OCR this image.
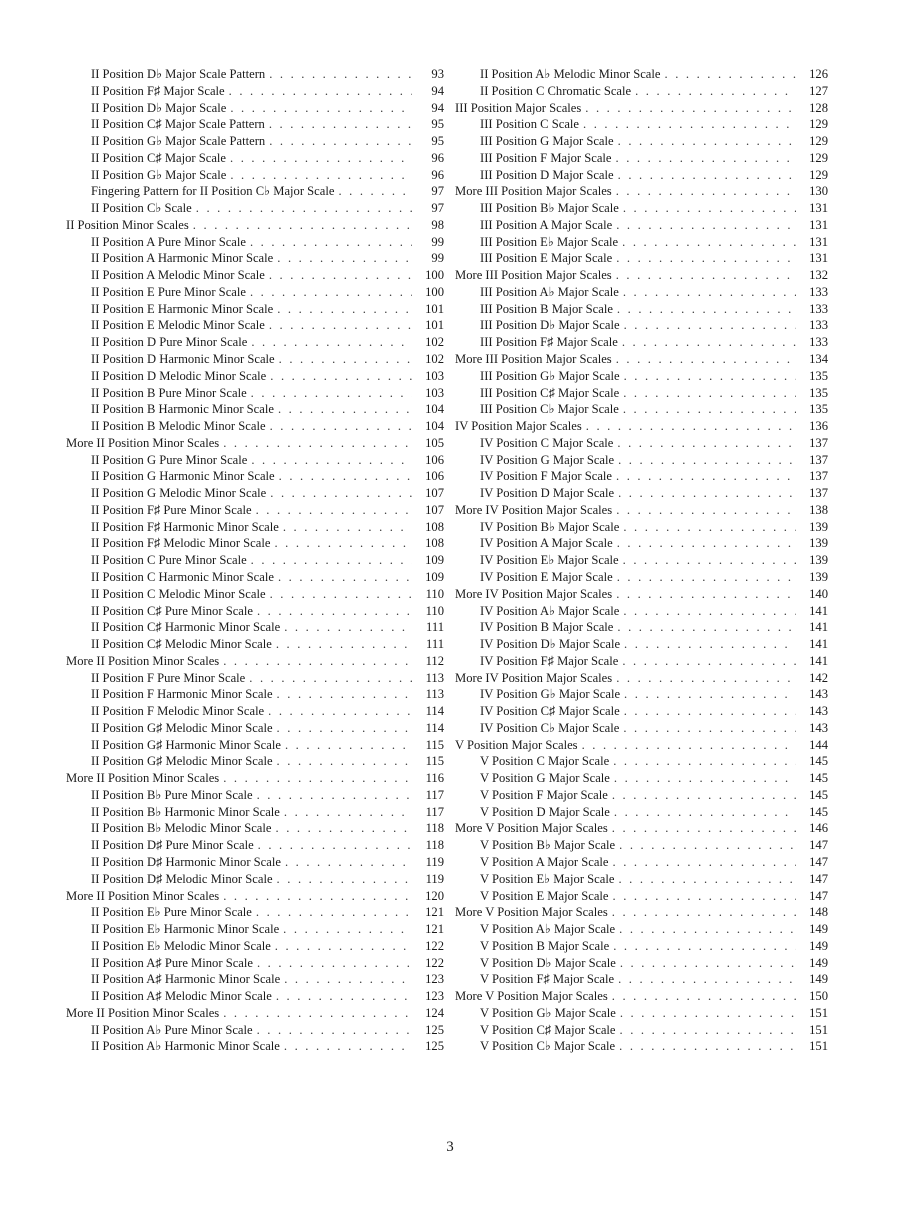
II Position D♭ Major Scale Pattern . . .	93
II Position F♯ Major Scale . . .	94
II Position D♭ Major Scale . . .	94
II Position C♯ Major Scale Pattern . . .	95
II Position G♭ Major Scale Pattern . . .	95
II Position C♯ Major Scale . . .	96
II Position G♭ Major Scale . . .	96
Fingering Pattern for II Position C♭ Major Scale . . .	97
II Position C♭ Scale . . .	97
II Position Minor Scales . . .	98
II Position A Pure Minor Scale . . .	99
II Position A Harmonic Minor Scale . . .	99
II Position A Melodic Minor Scale . . .	100
II Position E Pure Minor Scale . . .	100
II Position E Harmonic Minor Scale . . .	101
II Position E Melodic Minor Scale . . .	101
II Position D Pure Minor Scale . . .	102
II Position D Harmonic Minor Scale . . .	102
II Position D Melodic Minor Scale . . .	103
II Position B Pure Minor Scale . . .	103
II Position B Harmonic Minor Scale . . .	104
II Position B Melodic Minor Scale . . .	104
More II Position Minor Scales . . .	105
II Position G Pure Minor Scale . . .	106
II Position G Harmonic Minor Scale . . .	106
II Position G Melodic Minor Scale . . .	107
II Position F♯ Pure Minor Scale . . .	107
II Position F♯ Harmonic Minor Scale . . .	108
II Position F♯ Melodic Minor Scale . . .	108
II Position C Pure Minor Scale . . .	109
II Position C Harmonic Minor Scale . . .	109
II Position C Melodic Minor Scale . . .	110
II Position C♯ Pure Minor Scale . . .	110
II Position C♯ Harmonic Minor Scale . . .	111
II Position C♯ Melodic Minor Scale . . .	111
More II Position Minor Scales . . .	112
II Position F Pure Minor Scale . . .	113
II Position F Harmonic Minor Scale . . .	113
II Position F Melodic Minor Scale . . .	114
II Position G♯ Melodic Minor Scale . . .	114
II Position G♯ Harmonic Minor Scale . . .	115
II Position G♯ Melodic Minor Scale . . .	115
More II Position Minor Scales . . .	116
II Position B♭ Pure Minor Scale . . .	117
II Position B♭ Harmonic Minor Scale . . .	117
II Position B♭ Melodic Minor Scale . . .	118
II Position D♯ Pure Minor Scale . . .	118
II Position D♯ Harmonic Minor Scale . . .	119
II Position D♯ Melodic Minor Scale . . .	119
More II Position Minor Scales . . .	120
II Position E♭ Pure Minor Scale . . .	121
II Position E♭ Harmonic Minor Scale . . .	121
II Position E♭ Melodic Minor Scale . . .	122
II Position A♯ Pure Minor Scale . . .	122
II Position A♯ Harmonic Minor Scale . . .	123
II Position A♯ Melodic Minor Scale . . .	123
More II Position Minor Scales . . .	124
II Position A♭ Pure Minor Scale . . .	125
II Position A♭ Harmonic Minor Scale . . .	125
II Position A♭ Melodic Minor Scale . . .	126
II Position C Chromatic Scale . . .	127
III Position Major Scales . . .	128
III Position C Scale . . .	129
III Position G Major Scale . . .	129
III Position F Major Scale . . .	129
III Position D Major Scale . . .	129
More III Position Major Scales . . .	130
III Position B♭ Major Scale . . .	131
III Position A Major Scale . . .	131
III Position E♭ Major Scale . . .	131
III Position E Major Scale . . .	131
More III Position Major Scales . . .	132
III Position A♭ Major Scale . . .	133
III Position B Major Scale . . .	133
III Position D♭ Major Scale . . .	133
III Position F♯ Major Scale . . .	133
More III Position Major Scales . . .	134
III Position G♭ Major Scale . . .	135
III Position C♯ Major Scale . . .	135
III Position C♭ Major Scale . . .	135
IV Position Major Scales . . .	136
IV Position C Major Scale . . .	137
IV Position G Major Scale . . .	137
IV Position F Major Scale . . .	137
IV Position D Major Scale . . .	137
More IV Position Major Scales . . .	138
IV Position B♭ Major Scale . . .	139
IV Position A Major Scale . . .	139
IV Position E♭ Major Scale . . .	139
IV Position E Major Scale . . .	139
More IV Position Major Scales . . .	140
IV Position A♭ Major Scale . . .	141
IV Position B Major Scale . . .	141
IV Position D♭ Major Scale . . .	141
IV Position F♯ Major Scale . . .	141
More IV Position Major Scales . . .	142
IV Position G♭ Major Scale . . .	143
IV Position C♯ Major Scale . . .	143
IV Position C♭ Major Scale . . .	143
V Position Major Scales . . .	144
V Position C Major Scale . . .	145
V Position G Major Scale . . .	145
V Position F Major Scale . . .	145
V Position D Major Scale . . .	145
More V Position Major Scales . . .	146
V Position B♭ Major Scale . . .	147
V Position A Major Scale . . .	147
V Position E♭ Major Scale . . .	147
V Position E Major Scale . . .	147
More V Position Major Scales . . .	148
V Position A♭ Major Scale . . .	149
V Position B Major Scale . . .	149
V Position D♭ Major Scale . . .	149
V Position F♯ Major Scale . . .	149
More V Position Major Scales . . .	150
V Position G♭ Major Scale . . .	151
V Position C♯ Major Scale . . .	151
V Position C♭ Major Scale . . .	151
3
